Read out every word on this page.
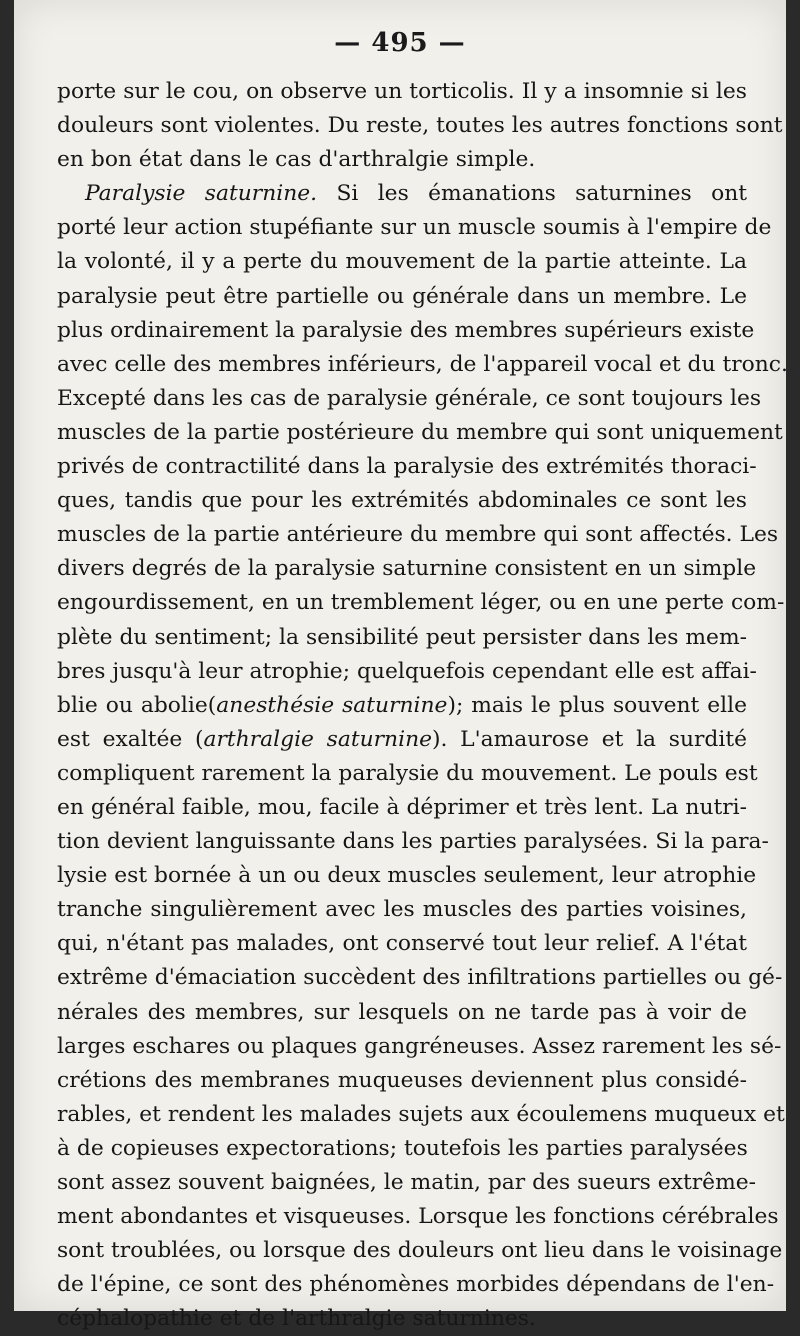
— 495 —
porte sur le cou, on observe un torticolis. Il y a insomnie si les
douleurs sont violentes. Du reste, toutes les autres fonctions sont
en bon état dans le cas d'arthralgie simple.
Paralysie saturnine. Si les émanations saturnines ont
porté leur action stupéfiante sur un muscle soumis à l'empire de
la volonté, il y a perte du mouvement de la partie atteinte. La
paralysie peut être partielle ou générale dans un membre. Le
plus ordinairement la paralysie des membres supérieurs existe
avec celle des membres inférieurs, de l'appareil vocal et du tronc.
Excepté dans les cas de paralysie générale, ce sont toujours les
muscles de la partie postérieure du membre qui sont uniquement
privés de contractilité dans la paralysie des extrémités thoraci-
ques, tandis que pour les extrémités abdominales ce sont les
muscles de la partie antérieure du membre qui sont affectés. Les
divers degrés de la paralysie saturnine consistent en un simple
engourdissement, en un tremblement léger, ou en une perte com-
plète du sentiment; la sensibilité peut persister dans les mem-
bres jusqu'à leur atrophie; quelquefois cependant elle est affai-
blie ou abolie(anesthésie saturnine); mais le plus souvent elle
est exaltée (arthralgie saturnine). L'amaurose et la surdité
compliquent rarement la paralysie du mouvement. Le pouls est
en général faible, mou, facile à déprimer et très lent. La nutri-
tion devient languissante dans les parties paralysées. Si la para-
lysie est bornée à un ou deux muscles seulement, leur atrophie
tranche singulièrement avec les muscles des parties voisines,
qui, n'étant pas malades, ont conservé tout leur relief. A l'état
extrême d'émaciation succèdent des infiltrations partielles ou gé-
nérales des membres, sur lesquels on ne tarde pas à voir de
larges eschares ou plaques gangréneuses. Assez rarement les sé-
crétions des membranes muqueuses deviennent plus considé-
rables, et rendent les malades sujets aux écoulemens muqueux et
à de copieuses expectorations; toutefois les parties paralysées
sont assez souvent baignées, le matin, par des sueurs extrême-
ment abondantes et visqueuses. Lorsque les fonctions cérébrales
sont troublées, ou lorsque des douleurs ont lieu dans le voisinage
de l'épine, ce sont des phénomènes morbides dépendans de l'en-
céphalopathie et de l'arthralgie saturnines.
